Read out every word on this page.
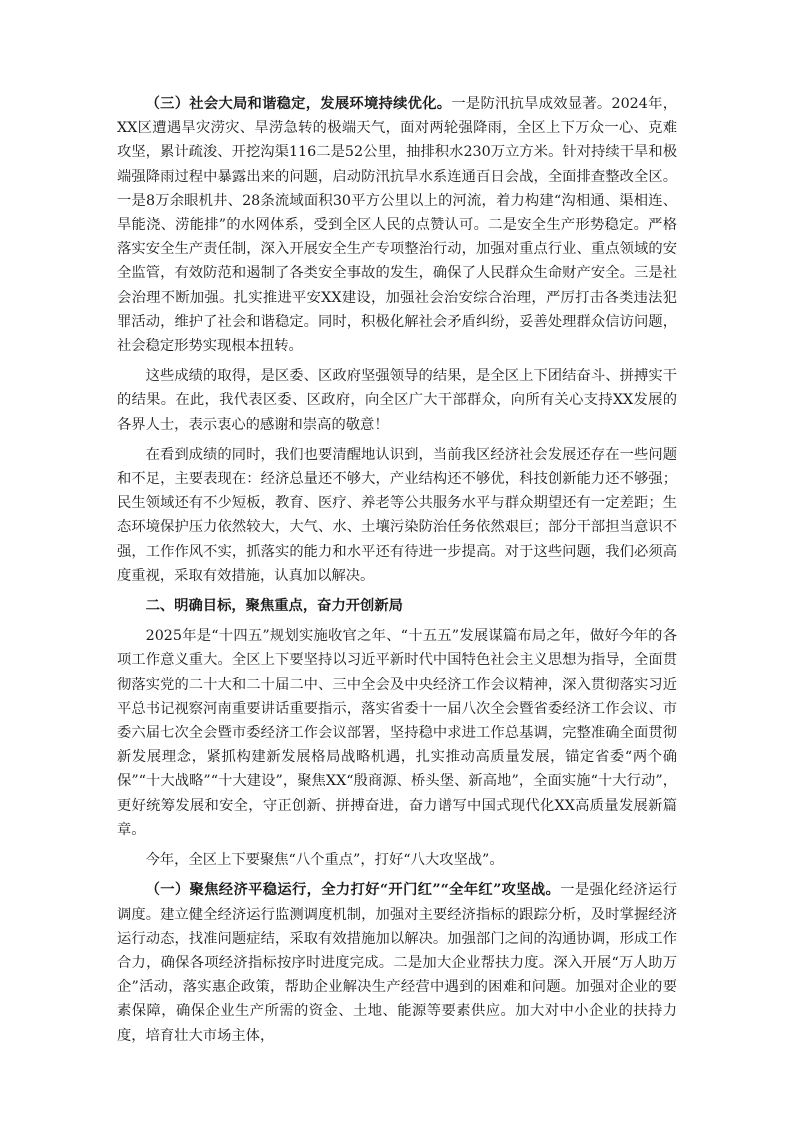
（三）社会大局和谐稳定，发展环境持续优化。一是防汛抗旱成效显著。2024年，XX区遭遇旱灾涝灾、旱涝急转的极端天气，面对两轮强降雨，全区上下万众一心、克难攻坚，累计疏浚、开挖沟渠116二是52公里，抽排积水230万立方米。针对持续干旱和极端强降雨过程中暴露出来的问题，启动防汛抗旱水系连通百日会战，全面排查整改全区。一是8万余眼机井、28条流域面积30平方公里以上的河流，着力构建“沟相通、渠相连、旱能浇、涝能排”的水网体系，受到全区人民的点赞认可。二是安全生产形势稳定。严格落实安全生产责任制，深入开展安全生产专项整治行动，加强对重点行业、重点领域的安全监管，有效防范和遏制了各类安全事故的发生，确保了人民群众生命财产安全。三是社会治理不断加强。扎实推进平安XX建设，加强社会治安综合治理，严厉打击各类违法犯罪活动，维护了社会和谐稳定。同时，积极化解社会矛盾纠纷，妥善处理群众信访问题，社会稳定形势实现根本扭转。

这些成绩的取得，是区委、区政府坚强领导的结果，是全区上下团结奋斗、拼搏实干的结果。在此，我代表区委、区政府，向全区广大干部群众，向所有关心支持XX发展的各界人士，表示衷心的感谢和崇高的敬意！

在看到成绩的同时，我们也要清醒地认识到，当前我区经济社会发展还存在一些问题和不足，主要表现在：经济总量还不够大，产业结构还不够优，科技创新能力还不够强；民生领域还有不少短板，教育、医疗、养老等公共服务水平与群众期望还有一定差距；生态环境保护压力依然较大，大气、水、土壤污染防治任务依然艰巨；部分干部担当意识不强，工作作风不实，抓落实的能力和水平还有待进一步提高。对于这些问题，我们必须高度重视，采取有效措施，认真加以解决。

二、明确目标，聚焦重点，奋力开创新局

2025年是“十四五”规划实施收官之年、“十五五”发展谋篇布局之年，做好今年的各项工作意义重大。全区上下要坚持以习近平新时代中国特色社会主义思想为指导，全面贯彻落实党的二十大和二十届二中、三中全会及中央经济工作会议精神，深入贯彻落实习近平总书记视察河南重要讲话重要指示，落实省委十一届八次全会暨省委经济工作会议、市委六届七次全会暨市委经济工作会议部署，坚持稳中求进工作总基调，完整准确全面贯彻新发展理念，紧抓构建新发展格局战略机遇，扎实推动高质量发展，锚定省委“两个确保”“十大战略”“十大建设”，聚焦XX“殷商源、桥头堡、新高地”，全面实施“十大行动”，更好统筹发展和安全，守正创新、拼搏奋进，奋力谱写中国式现代化XX高质量发展新篇章。

今年，全区上下要聚焦“八个重点”，打好“八大攻坚战”。

（一）聚焦经济平稳运行，全力打好“开门红”“全年红”攻坚战。一是强化经济运行调度。建立健全经济运行监测调度机制，加强对主要经济指标的跟踪分析，及时掌握经济运行动态，找准问题症结，采取有效措施加以解决。加强部门之间的沟通协调，形成工作合力，确保各项经济指标按序时进度完成。二是加大企业帮扶力度。深入开展“万人助万企”活动，落实惠企政策，帮助企业解决生产经营中遇到的困难和问题。加强对企业的要素保障，确保企业生产所需的资金、土地、能源等要素供应。加大对中小企业的扶持力度，培育壮大市场主体，
